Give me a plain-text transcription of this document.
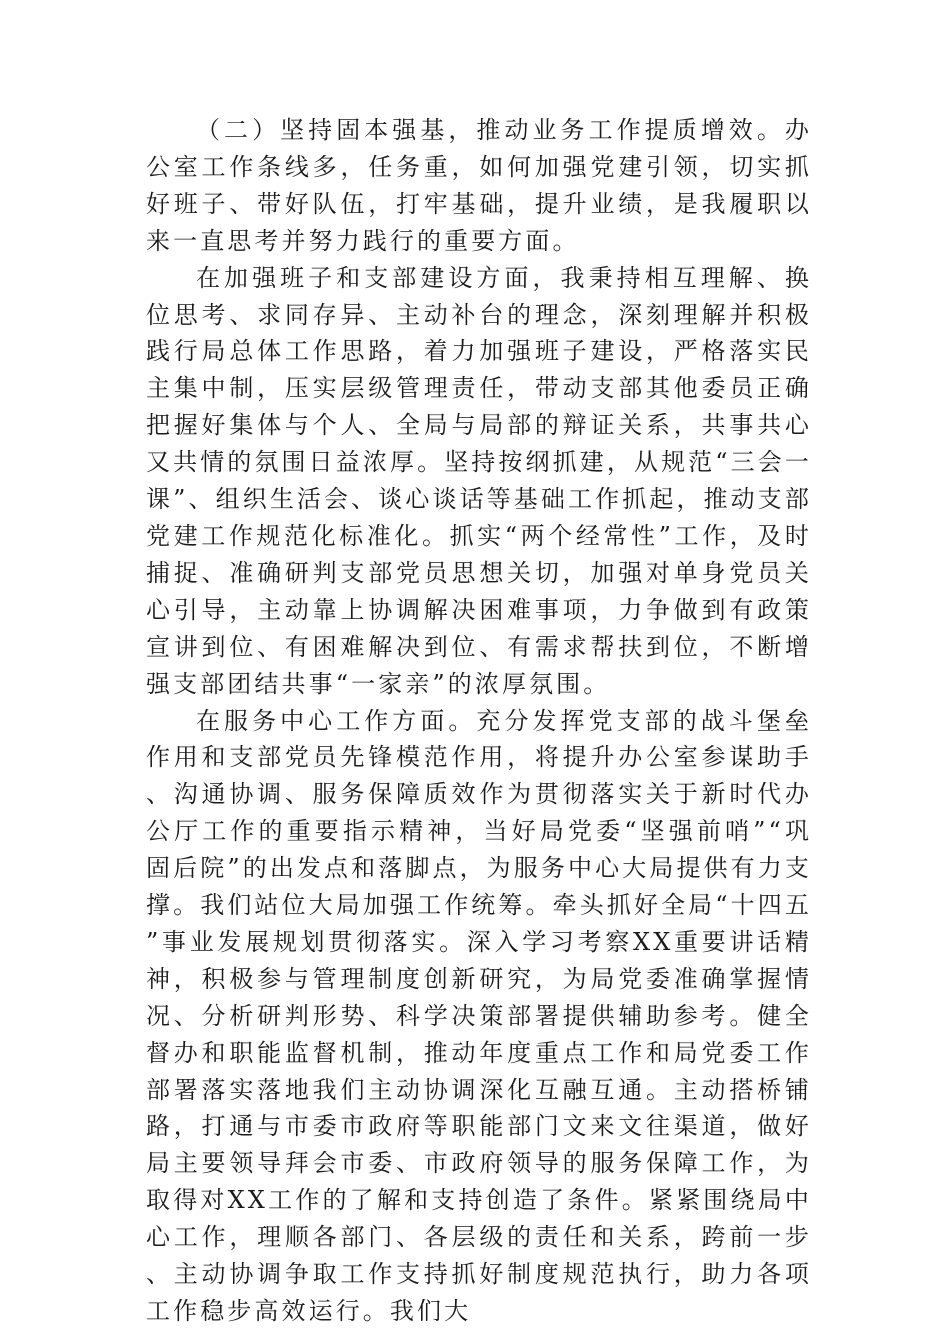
（二）坚持固本强基，推动业务工作提质增效。办公室工作条线多，任务重，如何加强党建引领，切实抓好班子、带好队伍，打牢基础，提升业绩，是我履职以来一直思考并努力践行的重要方面。

在加强班子和支部建设方面，我秉持相互理解、换位思考、求同存异、主动补台的理念，深刻理解并积极践行局总体工作思路，着力加强班子建设，严格落实民主集中制，压实层级管理责任，带动支部其他委员正确把握好集体与个人、全局与局部的辩证关系，共事共心又共情的氛围日益浓厚。坚持按纲抓建，从规范“三会一课”、组织生活会、谈心谈话等基础工作抓起，推动支部党建工作规范化标准化。抓实“两个经常性”工作，及时捕捉、准确研判支部党员思想关切，加强对单身党员关心引导，主动靠上协调解决困难事项，力争做到有政策宣讲到位、有困难解决到位、有需求帮扶到位，不断增强支部团结共事“一家亲”的浓厚氛围。

在服务中心工作方面。充分发挥党支部的战斗堡垒作用和支部党员先锋模范作用，将提升办公室参谋助手、沟通协调、服务保障质效作为贯彻落实关于新时代办公厅工作的重要指示精神，当好局党委“坚强前哨”“巩固后院”的出发点和落脚点，为服务中心大局提供有力支撑。我们站位大局加强工作统筹。牵头抓好全局“十四五”事业发展规划贯彻落实。深入学习考察XX重要讲话精神，积极参与管理制度创新研究，为局党委准确掌握情况、分析研判形势、科学决策部署提供辅助参考。健全督办和职能监督机制，推动年度重点工作和局党委工作部署落实落地我们主动协调深化互融互通。主动搭桥铺路，打通与市委市政府等职能部门文来文往渠道，做好局主要领导拜会市委、市政府领导的服务保障工作，为取得对XX工作的了解和支持创造了条件。紧紧围绕局中心工作，理顺各部门、各层级的责任和关系，跨前一步、主动协调争取工作支持抓好制度规范执行，助力各项工作稳步高效运行。我们大
